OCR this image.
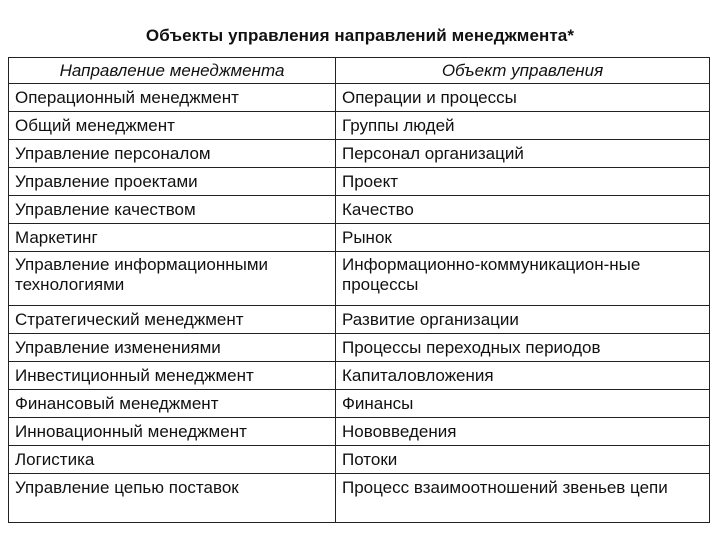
Объекты управления направлений менеджмента*
Направление менеджмента	Объект управления
Операционный менеджмент	Операции и процессы
Общий менеджмент	Группы людей
Управление персоналом	Персонал организаций
Управление проектами	Проект
Управление качеством	Качество
Маркетинг	Рынок
Управление информационными технологиями	Информационно-коммуникацион-ные процессы
Стратегический менеджмент	Развитие организации
Управление изменениями	Процессы переходных периодов
Инвестиционный менеджмент	Капиталовложения
Финансовый менеджмент	Финансы
Инновационный менеджмент	Нововведения
Логистика	Потоки
Управление цепью поставок	Процесс взаимоотношений звеньев цепи
